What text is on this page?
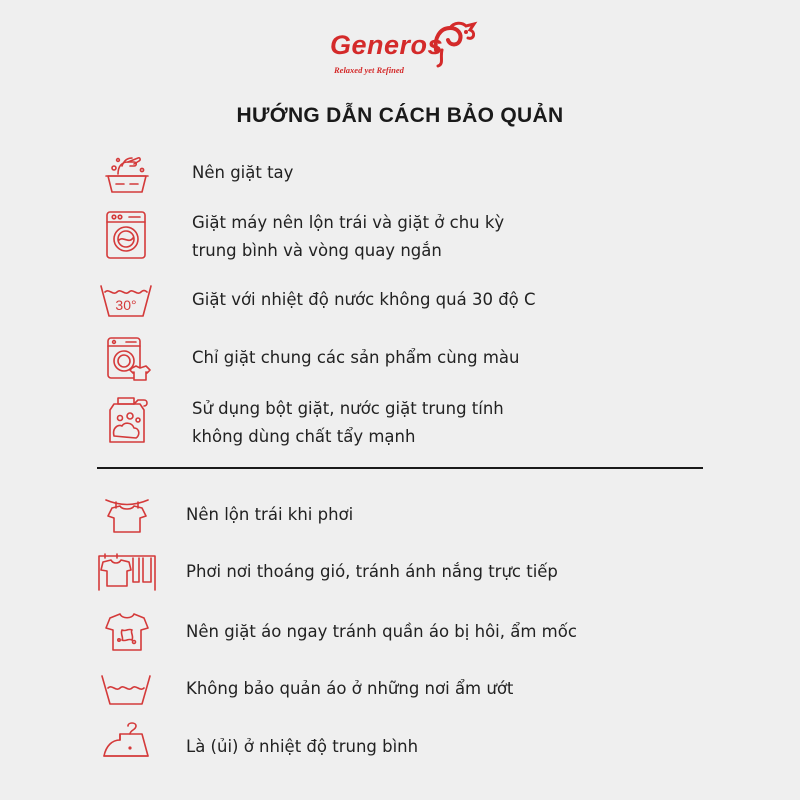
Generos
Relaxed yet Refined
HƯỚNG DẪN CÁCH BẢO QUẢN
Nên giặt tay
Giặt máy nên lộn trái và giặt ở chu kỳ
trung bình và vòng quay ngắn
30°	Giặt với nhiệt độ nước không quá 30 độ C
Chỉ giặt chung các sản phẩm cùng màu
Sử dụng bột giặt, nước giặt trung tính
không dùng chất tẩy mạnh
Nên lộn trái khi phơi
Phơi nơi thoáng gió, tránh ánh nắng trực tiếp
Nên giặt áo ngay tránh quần áo bị hôi, ẩm mốc
Không bảo quản áo ở những nơi ẩm ướt
Là (ủi) ở nhiệt độ trung bình
